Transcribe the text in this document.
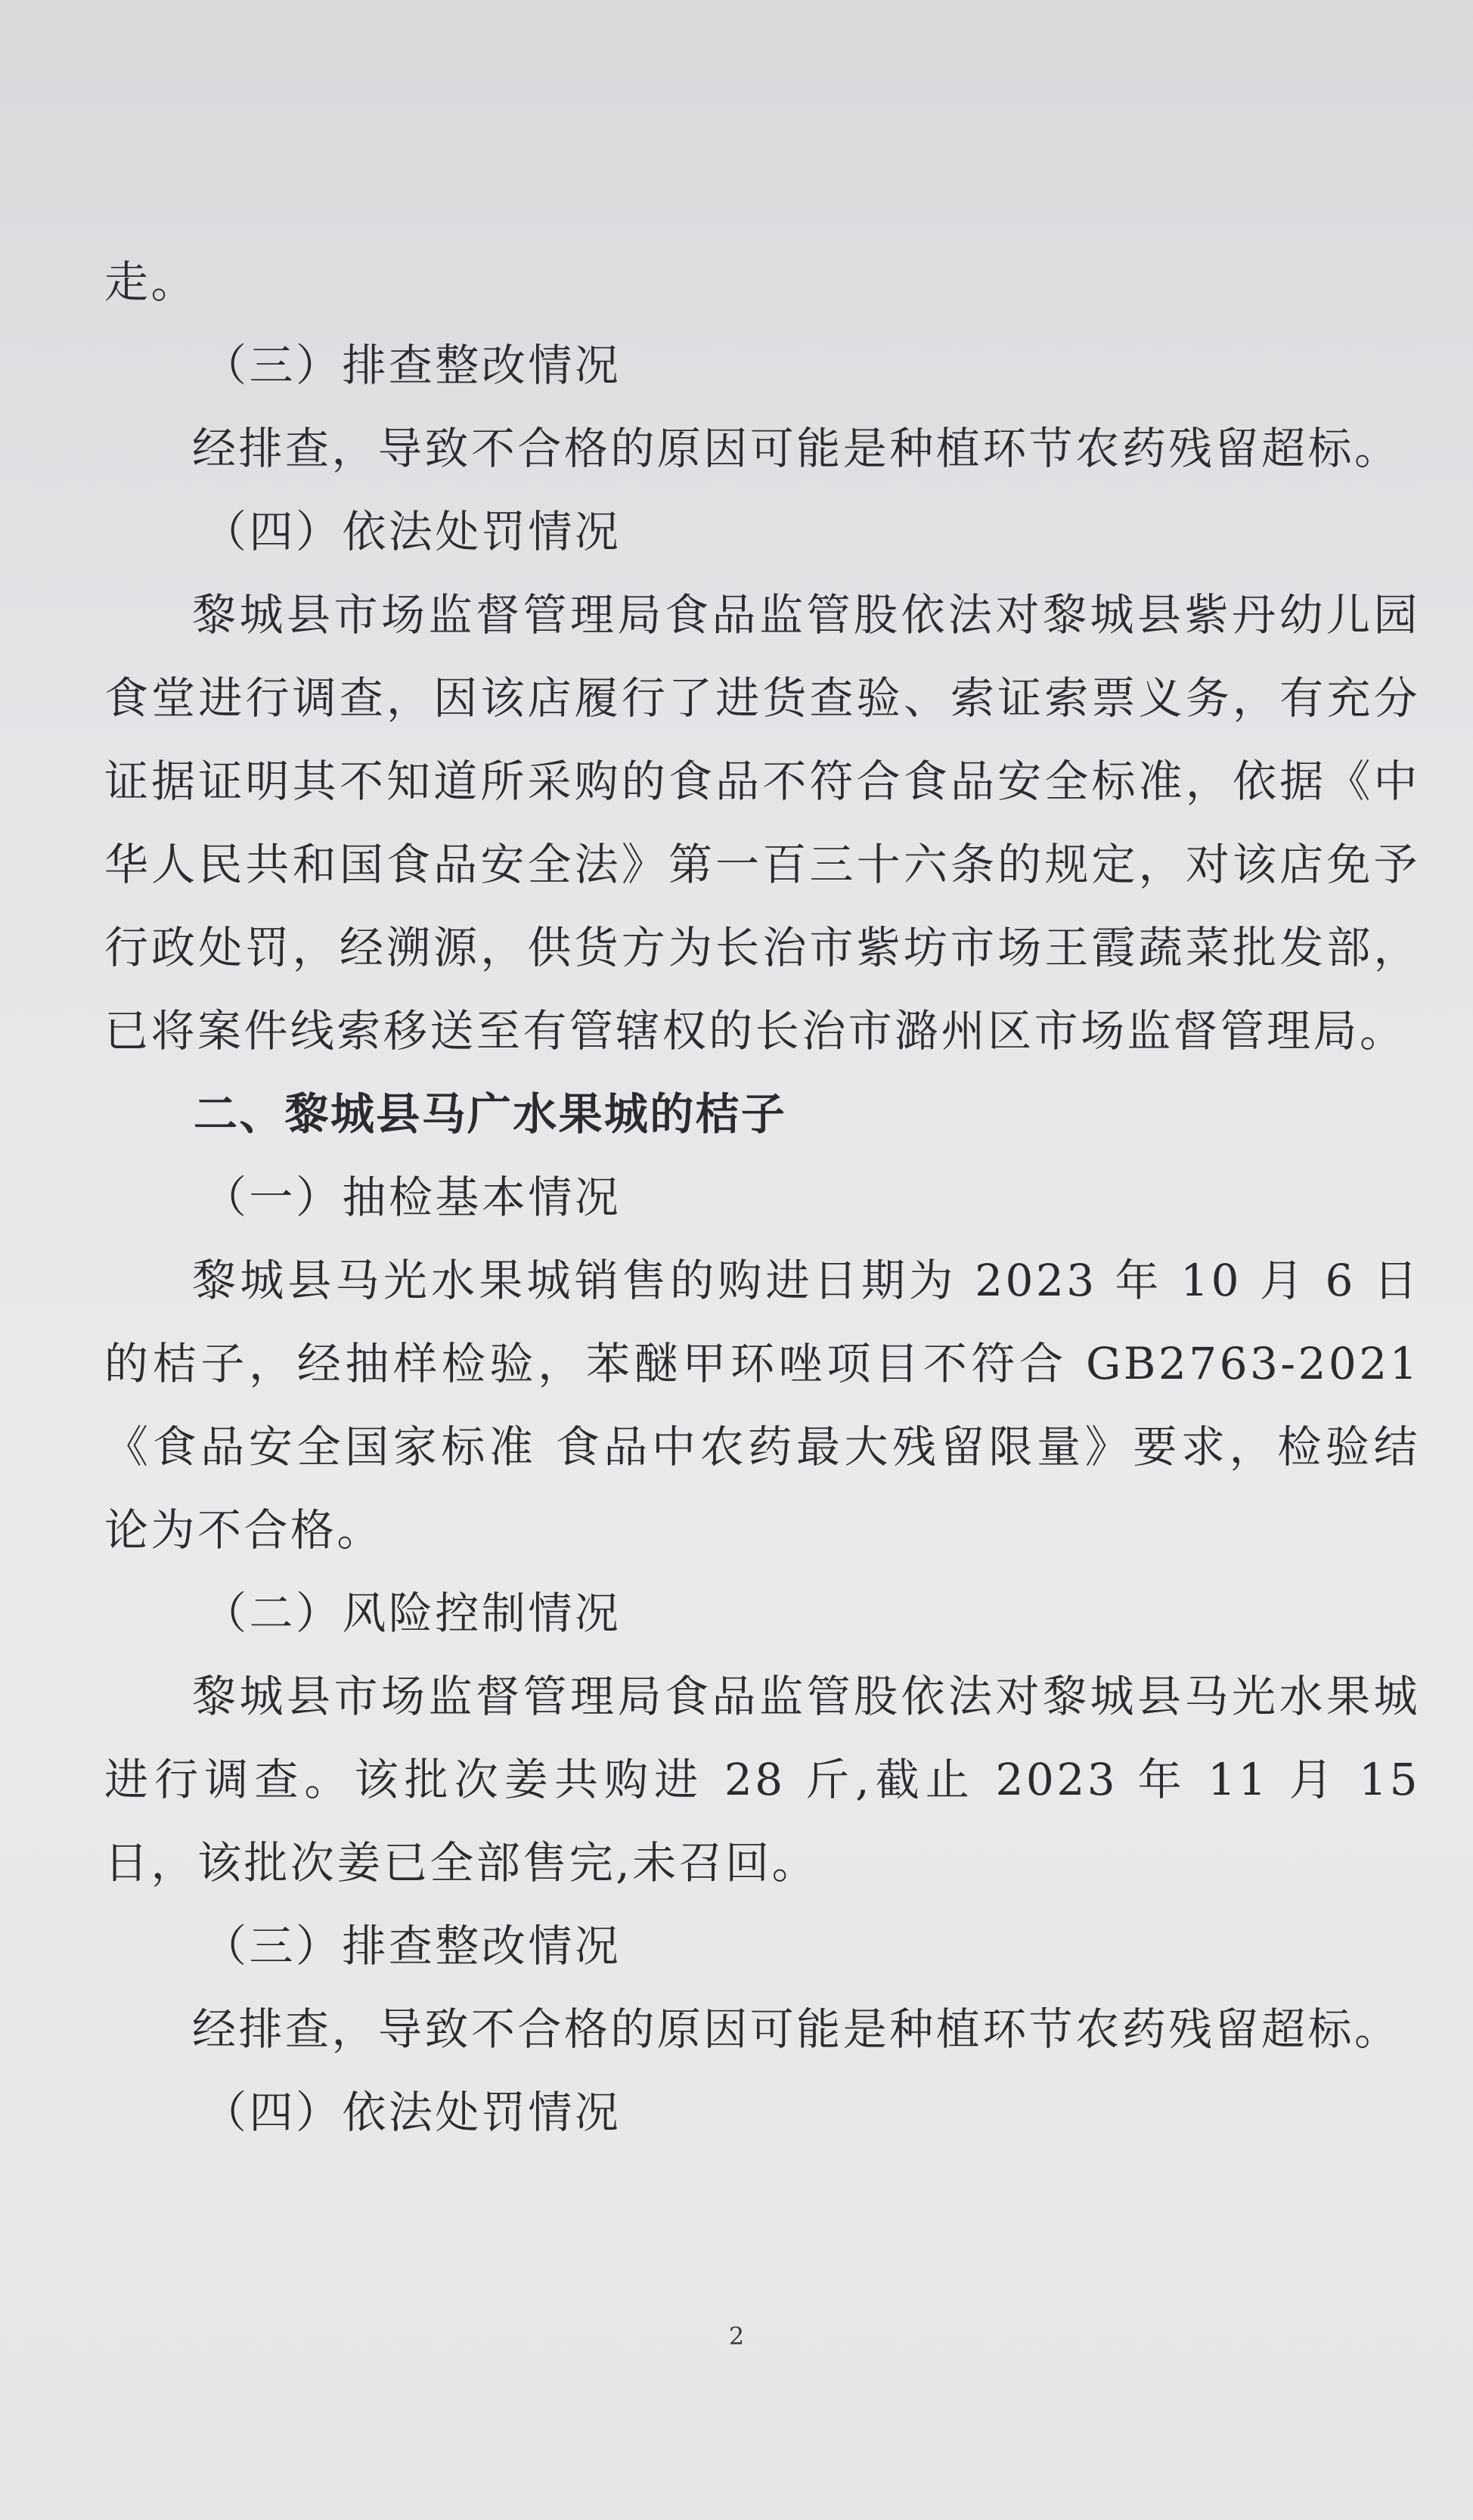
走。

（三）排查整改情况

经排查，导致不合格的原因可能是种植环节农药残留超标。

（四）依法处罚情况

黎城县市场监督管理局食品监管股依法对黎城县紫丹幼儿园食堂进行调查，因该店履行了进货查验、索证索票义务，有充分证据证明其不知道所采购的食品不符合食品安全标准，依据《中华人民共和国食品安全法》第一百三十六条的规定，对该店免予行政处罚，经溯源，供货方为长治市紫坊市场王霞蔬菜批发部，已将案件线索移送至有管辖权的长治市潞州区市场监督管理局。

二、黎城县马广水果城的桔子

（一）抽检基本情况

黎城县马光水果城销售的购进日期为 2023 年 10 月 6 日的桔子，经抽样检验，苯醚甲环唑项目不符合 GB2763-2021《食品安全国家标准 食品中农药最大残留限量》要求，检验结论为不合格。

（二）风险控制情况

黎城县市场监督管理局食品监管股依法对黎城县马光水果城进行调查。该批次姜共购进 28 斤,截止 2023 年 11 月 15 日，该批次姜已全部售完,未召回。

（三）排查整改情况

经排查，导致不合格的原因可能是种植环节农药残留超标。

（四）依法处罚情况

2
